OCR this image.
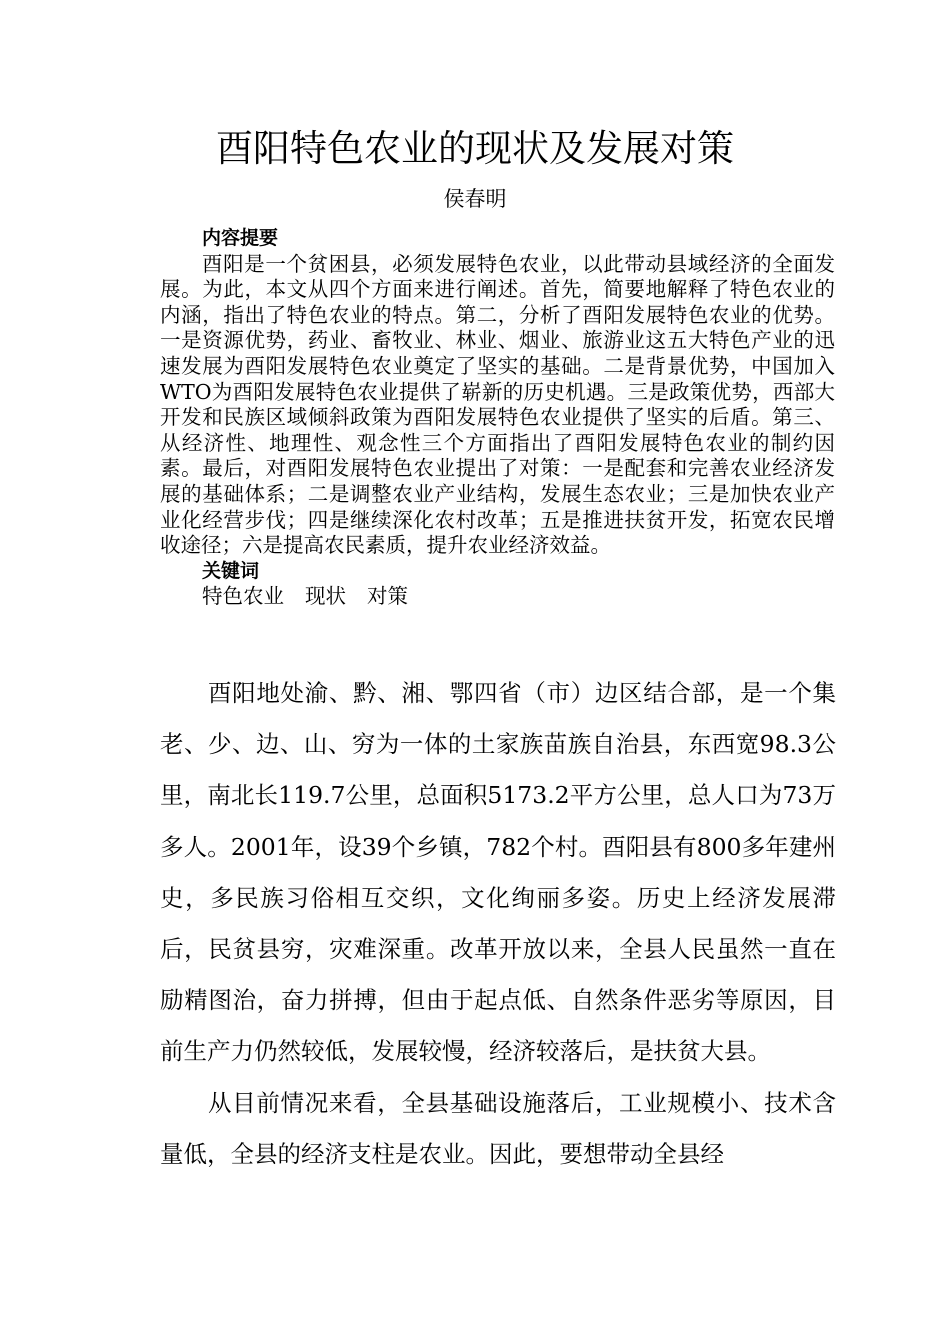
酉阳特色农业的现状及发展对策
侯春明
内容提要

酉阳是一个贫困县，必须发展特色农业，以此带动县域经济的全面发展。为此，本文从四个方面来进行阐述。首先，简要地解释了特色农业的内涵，指出了特色农业的特点。第二，分析了酉阳发展特色农业的优势。一是资源优势，药业、畜牧业、林业、烟业、旅游业这五大特色产业的迅速发展为酉阳发展特色农业奠定了坚实的基础。二是背景优势，中国加入WTO为酉阳发展特色农业提供了崭新的历史机遇。三是政策优势，西部大开发和民族区域倾斜政策为酉阳发展特色农业提供了坚实的后盾。第三、从经济性、地理性、观念性三个方面指出了酉阳发展特色农业的制约因素。最后，对酉阳发展特色农业提出了对策：一是配套和完善农业经济发展的基础体系；二是调整农业产业结构，发展生态农业；三是加快农业产业化经营步伐；四是继续深化农村改革；五是推进扶贫开发，拓宽农民增收途径；六是提高农民素质，提升农业经济效益。

关键词

特色农业 现状 对策

酉阳地处渝、黔、湘、鄂四省（市）边区结合部，是一个集老、少、边、山、穷为一体的土家族苗族自治县，东西宽98.3公里，南北长119.7公里，总面积5173.2平方公里，总人口为73万多人。2001年，设39个乡镇，782个村。酉阳县有800多年建州史，多民族习俗相互交织，文化绚丽多姿。历史上经济发展滞后，民贫县穷，灾难深重。改革开放以来，全县人民虽然一直在励精图治，奋力拼搏，但由于起点低、自然条件恶劣等原因，目前生产力仍然较低，发展较慢，经济较落后，是扶贫大县。

从目前情况来看，全县基础设施落后，工业规模小、技术含量低，全县的经济支柱是农业。因此，要想带动全县经
